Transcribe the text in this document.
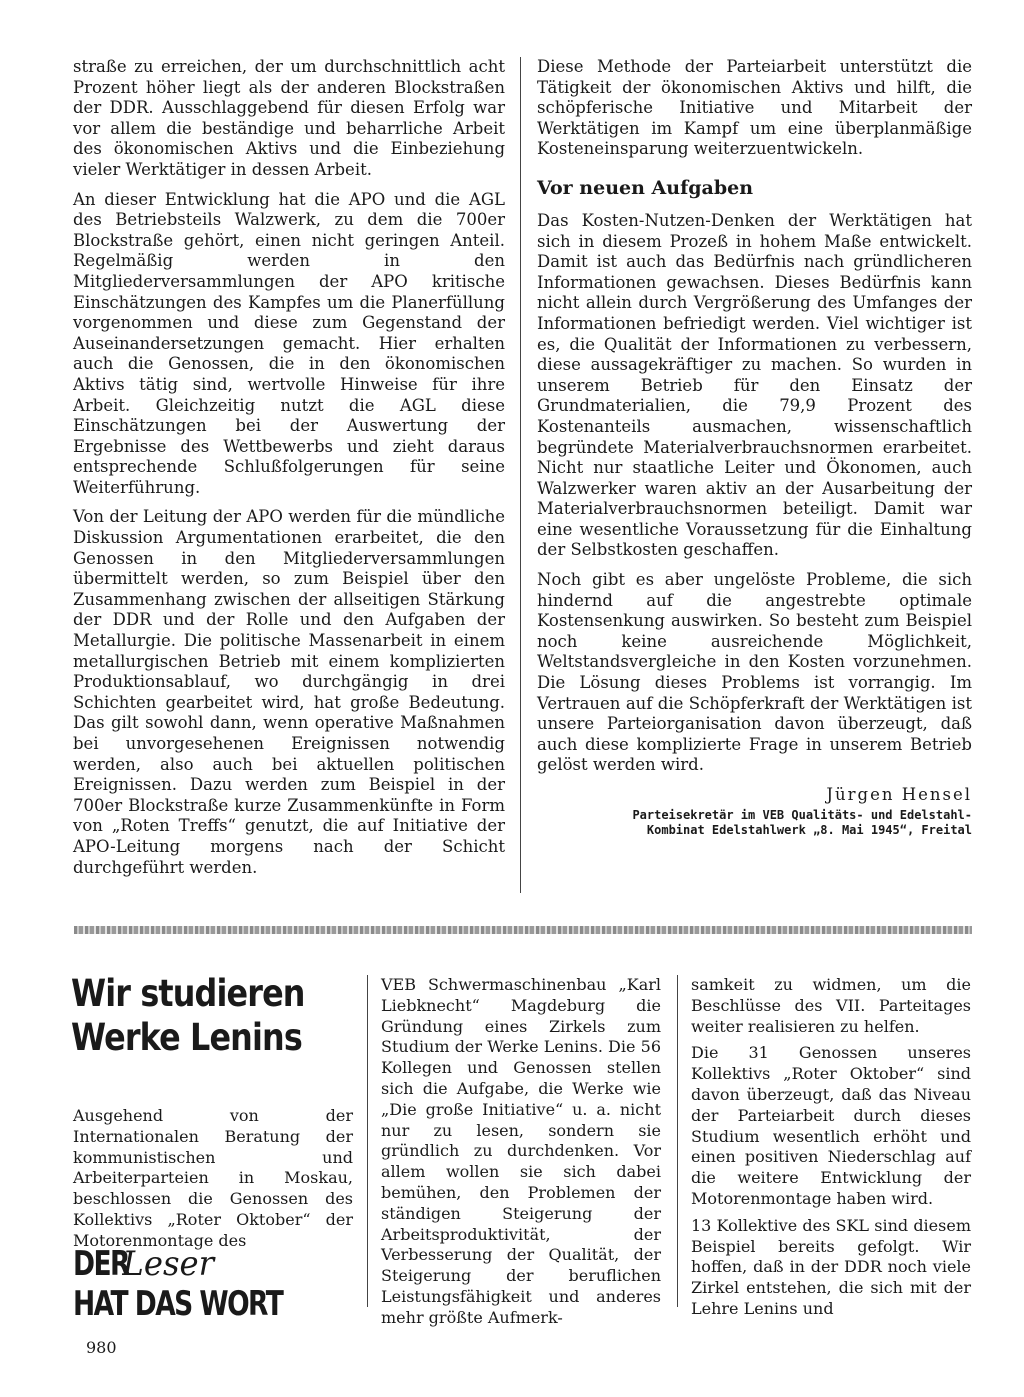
straße zu erreichen, der um durchschnittlich acht Prozent höher liegt als der anderen Blockstraßen der DDR. Ausschlaggebend für diesen Erfolg war vor allem die beständige und beharrliche Arbeit des ökonomischen Aktivs und die Einbeziehung vieler Werktätiger in dessen Arbeit.

An dieser Entwicklung hat die APO und die AGL des Betriebsteils Walzwerk, zu dem die 700er Blockstraße gehört, einen nicht geringen Anteil. Regelmäßig werden in den Mitgliederversammlungen der APO kritische Einschätzungen des Kampfes um die Planerfüllung vorgenommen und diese zum Gegenstand der Auseinandersetzungen gemacht. Hier erhalten auch die Genossen, die in den ökonomischen Aktivs tätig sind, wertvolle Hinweise für ihre Arbeit. Gleichzeitig nutzt die AGL diese Einschätzungen bei der Auswertung der Ergebnisse des Wettbewerbs und zieht daraus entsprechende Schlußfolgerungen für seine Weiterführung.

Von der Leitung der APO werden für die mündliche Diskussion Argumentationen erarbeitet, die den Genossen in den Mitgliederversammlungen übermittelt werden, so zum Beispiel über den Zusammenhang zwischen der allseitigen Stärkung der DDR und der Rolle und den Aufgaben der Metallurgie. Die politische Massenarbeit in einem metallurgischen Betrieb mit einem komplizierten Produktionsablauf, wo durchgängig in drei Schichten gearbeitet wird, hat große Bedeutung. Das gilt sowohl dann, wenn operative Maßnahmen bei unvorgesehenen Ereignissen notwendig werden, also auch bei aktuellen politischen Ereignissen. Dazu werden zum Beispiel in der 700er Blockstraße kurze Zusammenkünfte in Form von „Roten Treffs“ genutzt, die auf Initiative der APO-Leitung morgens nach der Schicht durchgeführt werden.

Diese Methode der Parteiarbeit unterstützt die Tätigkeit der ökonomischen Aktivs und hilft, die schöpferische Initiative und Mitarbeit der Werktätigen im Kampf um eine überplanmäßige Kosteneinsparung weiterzuentwickeln.

Vor neuen Aufgaben

Das Kosten-Nutzen-Denken der Werktätigen hat sich in diesem Prozeß in hohem Maße entwickelt. Damit ist auch das Bedürfnis nach gründlicheren Informationen gewachsen. Dieses Bedürfnis kann nicht allein durch Vergrößerung des Umfanges der Informationen befriedigt werden. Viel wichtiger ist es, die Qualität der Informationen zu verbessern, diese aussagekräftiger zu machen. So wurden in unserem Betrieb für den Einsatz der Grundmaterialien, die 79,9 Prozent des Kostenanteils ausmachen, wissenschaftlich begründete Materialverbrauchsnormen erarbeitet. Nicht nur staatliche Leiter und Ökonomen, auch Walzwerker waren aktiv an der Ausarbeitung der Materialverbrauchsnormen beteiligt. Damit war eine wesentliche Voraussetzung für die Einhaltung der Selbstkosten geschaffen.

Noch gibt es aber ungelöste Probleme, die sich hindernd auf die angestrebte optimale Kostensenkung auswirken. So besteht zum Beispiel noch keine ausreichende Möglichkeit, Weltstandsvergleiche in den Kosten vorzunehmen. Die Lösung dieses Problems ist vorrangig. Im Vertrauen auf die Schöpferkraft der Werktätigen ist unsere Parteiorganisation davon überzeugt, daß auch diese komplizierte Frage in unserem Betrieb gelöst werden wird.

Jürgen Hensel
Parteisekretär im VEB Qualitäts- und Edelstahl-
Kombinat Edelstahlwerk „8. Mai 1945“, Freital
Wir studieren Werke Lenins
Ausgehend von der Internationalen Beratung der kommunistischen und Arbeiterparteien in Moskau, beschlossen die Genossen des Kollektivs „Roter Oktober“ der Motorenmontage des
DER Leser HAT DAS WORT

VEB Schwermaschinenbau „Karl Liebknecht“ Magdeburg die Gründung eines Zirkels zum Studium der Werke Lenins. Die 56 Kollegen und Genossen stellen sich die Aufgabe, die Werke wie „Die große Initiative“ u. a. nicht nur zu lesen, sondern sie gründlich zu durchdenken. Vor allem wollen sie sich dabei bemühen, den Problemen der ständigen Steigerung der Arbeitsproduktivität, der Verbesserung der Qualität, der Steigerung der beruflichen Leistungsfähigkeit und anderes mehr größte Aufmerk-

samkeit zu widmen, um die Beschlüsse des VII. Parteitages weiter realisieren zu helfen.

Die 31 Genossen unseres Kollektivs „Roter Oktober“ sind davon überzeugt, daß das Niveau der Parteiarbeit durch dieses Studium wesentlich erhöht und einen positiven Niederschlag auf die weitere Entwicklung der Motorenmontage haben wird.

13 Kollektive des SKL sind diesem Beispiel bereits gefolgt. Wir hoffen, daß in der DDR noch viele Zirkel entstehen, die sich mit der Lehre Lenins und

980
